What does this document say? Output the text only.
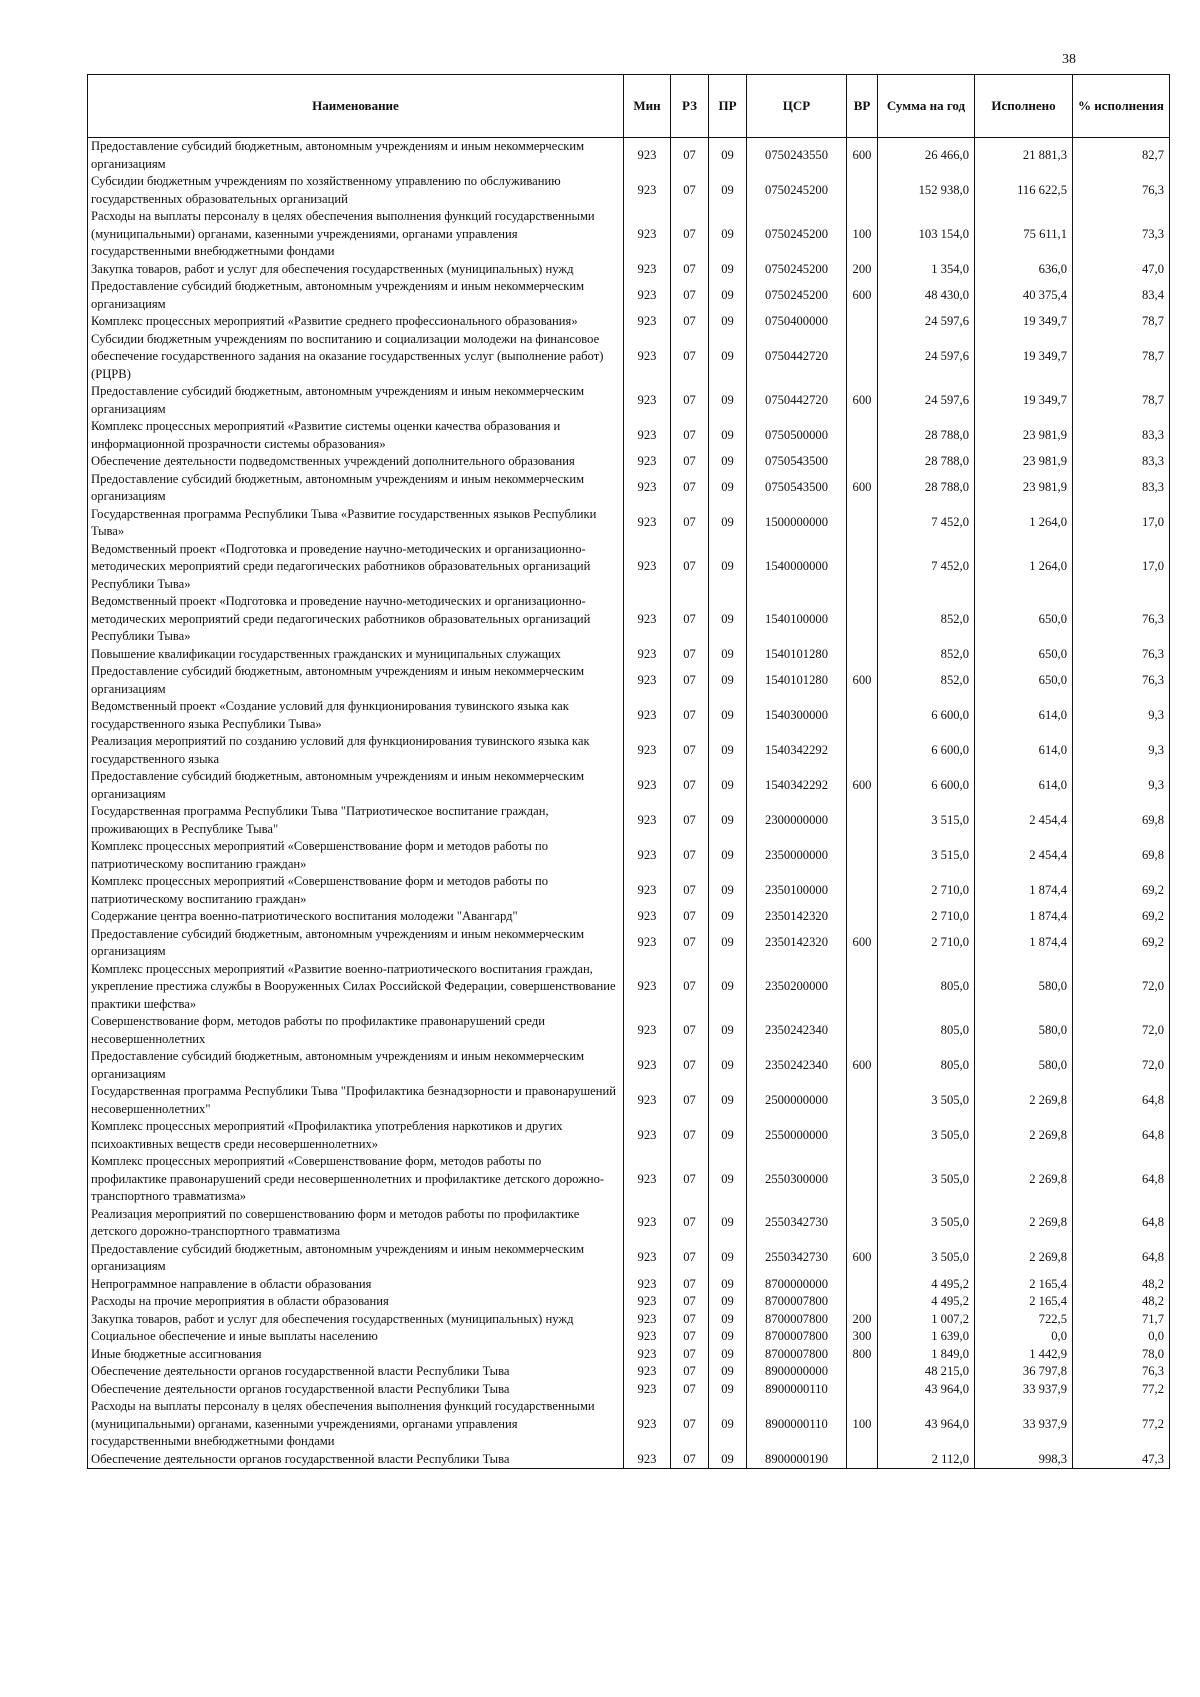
38
Наименование	Мин	РЗ	ПР	ЦСР	ВР	Сумма на год	Исполнено	% исполнения
Предоставление субсидий бюджетным, автономным учреждениям и иным некоммерческим организациям	923	07	09	0750243550	600	26 466,0	21 881,3	82,7
Субсидии бюджетным учреждениям по хозяйственному управлению по обслуживанию государственных образовательных организаций	923	07	09	0750245200		152 938,0	116 622,5	76,3
Расходы на выплаты персоналу в целях обеспечения выполнения функций государственными (муниципальными) органами, казенными учреждениями, органами управления государственными внебюджетными фондами	923	07	09	0750245200	100	103 154,0	75 611,1	73,3
Закупка товаров, работ и услуг для обеспечения государственных (муниципальных) нужд	923	07	09	0750245200	200	1 354,0	636,0	47,0
Предоставление субсидий бюджетным, автономным учреждениям и иным некоммерческим организациям	923	07	09	0750245200	600	48 430,0	40 375,4	83,4
Комплекс процессных мероприятий «Развитие среднего профессионального образования»	923	07	09	0750400000		24 597,6	19 349,7	78,7
Субсидии бюджетным учреждениям по воспитанию и социализации молодежи на финансовое обеспечение государственного задания на оказание государственных услуг (выполнение работ) (РЦРВ)	923	07	09	0750442720		24 597,6	19 349,7	78,7
Предоставление субсидий бюджетным, автономным учреждениям и иным некоммерческим организациям	923	07	09	0750442720	600	24 597,6	19 349,7	78,7
Комплекс процессных мероприятий «Развитие системы оценки качества образования и информационной прозрачности системы образования»	923	07	09	0750500000		28 788,0	23 981,9	83,3
Обеспечение деятельности подведомственных учреждений дополнительного образования	923	07	09	0750543500		28 788,0	23 981,9	83,3
Предоставление субсидий бюджетным, автономным учреждениям и иным некоммерческим организациям	923	07	09	0750543500	600	28 788,0	23 981,9	83,3
Государственная программа Республики Тыва «Развитие государственных языков Республики Тыва»	923	07	09	1500000000		7 452,0	1 264,0	17,0
Ведомственный проект «Подготовка и проведение научно-методических и организационно-методических мероприятий среди педагогических работников образовательных организаций Республики Тыва»	923	07	09	1540000000		7 452,0	1 264,0	17,0
Ведомственный проект «Подготовка и проведение научно-методических и организационно-методических мероприятий среди педагогических работников образовательных организаций Республики Тыва»	923	07	09	1540100000		852,0	650,0	76,3
Повышение квалификации государственных гражданских и муниципальных служащих	923	07	09	1540101280		852,0	650,0	76,3
Предоставление субсидий бюджетным, автономным учреждениям и иным некоммерческим организациям	923	07	09	1540101280	600	852,0	650,0	76,3
Ведомственный проект «Создание условий для функционирования тувинского языка как государственного языка Республики Тыва»	923	07	09	1540300000		6 600,0	614,0	9,3
Реализация мероприятий по созданию условий для функционирования тувинского языка как государственного языка	923	07	09	1540342292		6 600,0	614,0	9,3
Предоставление субсидий бюджетным, автономным учреждениям и иным некоммерческим организациям	923	07	09	1540342292	600	6 600,0	614,0	9,3
Государственная программа Республики Тыва "Патриотическое воспитание граждан, проживающих в Республике Тыва"	923	07	09	2300000000		3 515,0	2 454,4	69,8
Комплекс процессных мероприятий «Совершенствование форм и методов работы по патриотическому воспитанию граждан»	923	07	09	2350000000		3 515,0	2 454,4	69,8
Комплекс процессных мероприятий «Совершенствование форм и методов работы по патриотическому воспитанию граждан»	923	07	09	2350100000		2 710,0	1 874,4	69,2
Содержание центра военно-патриотического воспитания молодежи "Авангард"	923	07	09	2350142320		2 710,0	1 874,4	69,2
Предоставление субсидий бюджетным, автономным учреждениям и иным некоммерческим организациям	923	07	09	2350142320	600	2 710,0	1 874,4	69,2
Комплекс процессных мероприятий «Развитие военно-патриотического воспитания граждан, укрепление престижа службы в Вооруженных Силах Российской Федерации, совершенствование практики шефства»	923	07	09	2350200000		805,0	580,0	72,0
Совершенствование форм, методов работы по профилактике правонарушений среди несовершеннолетних	923	07	09	2350242340		805,0	580,0	72,0
Предоставление субсидий бюджетным, автономным учреждениям и иным некоммерческим организациям	923	07	09	2350242340	600	805,0	580,0	72,0
Государственная программа Республики Тыва "Профилактика безнадзорности и правонарушений несовершеннолетних"	923	07	09	2500000000		3 505,0	2 269,8	64,8
Комплекс процессных мероприятий «Профилактика употребления наркотиков и других психоактивных веществ среди несовершеннолетних»	923	07	09	2550000000		3 505,0	2 269,8	64,8
Комплекс процессных мероприятий «Совершенствование форм, методов работы по профилактике правонарушений среди несовершеннолетних и профилактике детского дорожно-транспортного травматизма»	923	07	09	2550300000		3 505,0	2 269,8	64,8
Реализация мероприятий по совершенствованию форм и методов работы по профилактике детского дорожно-транспортного травматизма	923	07	09	2550342730		3 505,0	2 269,8	64,8
Предоставление субсидий бюджетным, автономным учреждениям и иным некоммерческим организациям	923	07	09	2550342730	600	3 505,0	2 269,8	64,8
Непрограммное направление в области образования	923	07	09	8700000000		4 495,2	2 165,4	48,2
Расходы на прочие мероприятия в области образования	923	07	09	8700007800		4 495,2	2 165,4	48,2
Закупка товаров, работ и услуг для обеспечения государственных (муниципальных) нужд	923	07	09	8700007800	200	1 007,2	722,5	71,7
Социальное обеспечение и иные выплаты населению	923	07	09	8700007800	300	1 639,0	0,0	0,0
Иные бюджетные ассигнования	923	07	09	8700007800	800	1 849,0	1 442,9	78,0
Обеспечение деятельности органов государственной власти Республики Тыва	923	07	09	8900000000		48 215,0	36 797,8	76,3
Обеспечение деятельности органов государственной власти Республики Тыва	923	07	09	8900000110		43 964,0	33 937,9	77,2
Расходы на выплаты персоналу в целях обеспечения выполнения функций государственными (муниципальными) органами, казенными учреждениями, органами управления государственными внебюджетными фондами	923	07	09	8900000110	100	43 964,0	33 937,9	77,2
Обеспечение деятельности органов государственной власти Республики Тыва	923	07	09	8900000190		2 112,0	998,3	47,3
